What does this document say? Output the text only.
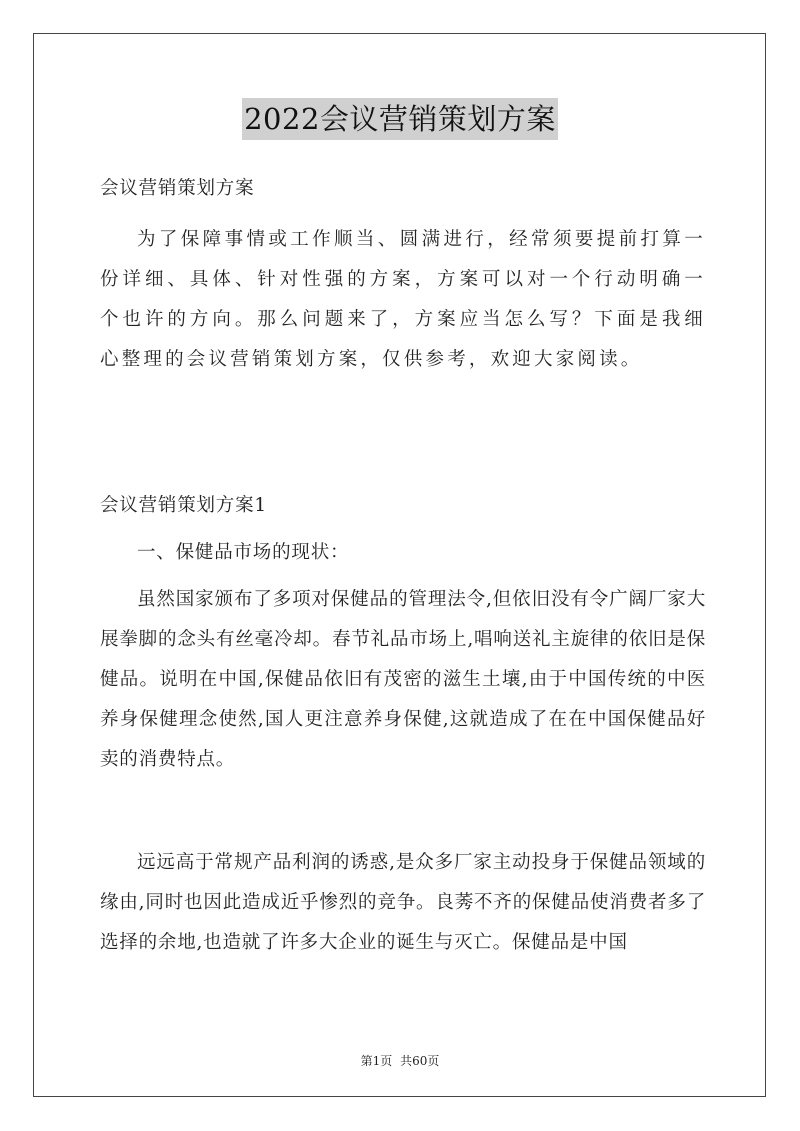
2022会议营销策划方案

会议营销策划方案

为了保障事情或工作顺当、圆满进行，经常须要提前打算一份详细、具体、针对性强的方案，方案可以对一个行动明确一个也许的方向。那么问题来了，方案应当怎么写？下面是我细心整理的会议营销策划方案，仅供参考，欢迎大家阅读。

会议营销策划方案1

一、保健品市场的现状：

虽然国家颁布了多项对保健品的管理法令,但依旧没有令广阔厂家大展拳脚的念头有丝毫冷却。春节礼品市场上,唱响送礼主旋律的依旧是保健品。说明在中国,保健品依旧有茂密的滋生土壤,由于中国传统的中医养身保健理念使然,国人更注意养身保健,这就造成了在在中国保健品好卖的消费特点。

远远高于常规产品利润的诱惑,是众多厂家主动投身于保健品领域的缘由,同时也因此造成近乎惨烈的竞争。良莠不齐的保健品使消费者多了选择的余地,也造就了许多大企业的诞生与灭亡。保健品是中国

第1页 共60页
